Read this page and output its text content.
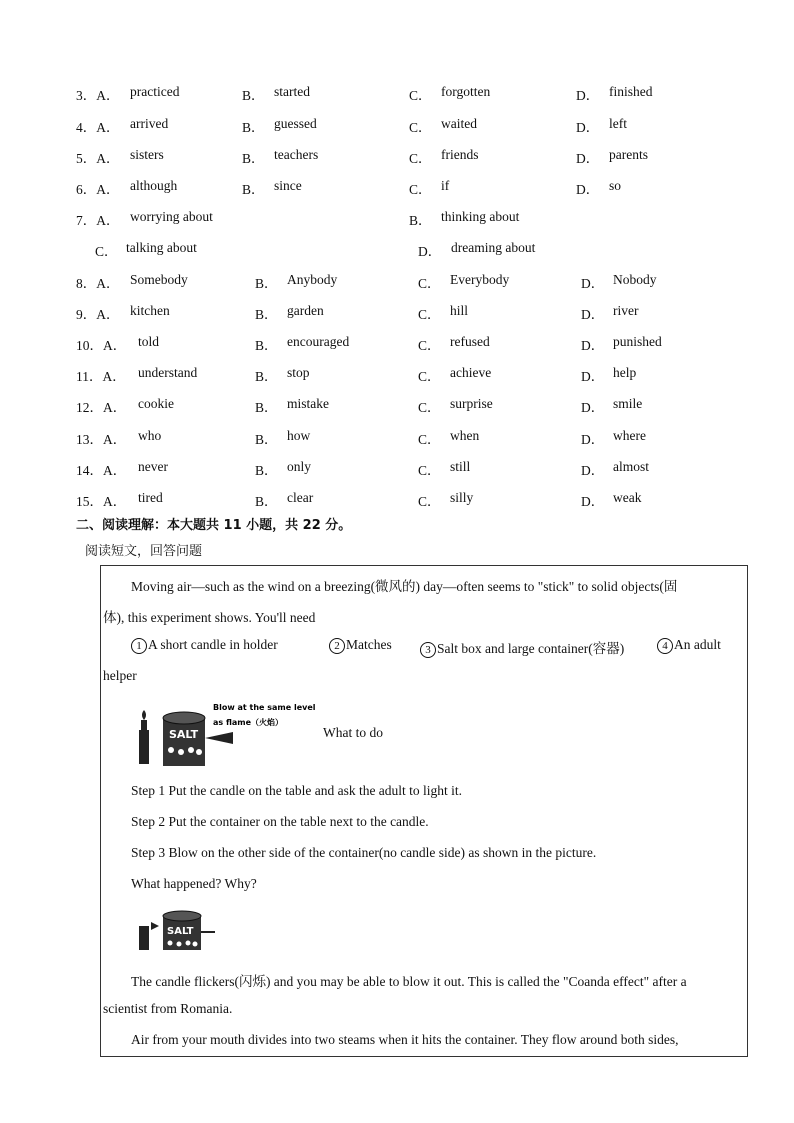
3．A． practiced	B． started	C． forgotten	D． finished
4．A． arrived	B． guessed	C． waited	D． left
5．A． sisters	B． teachers	C． friends	D． parents
6．A． although	B． since	C． if	D． so
7．A． worrying about	B． thinking about
C． talking about	D． dreaming about
8．A． Somebody	B． Anybody	C． Everybody	D． Nobody
9．A． kitchen	B． garden	C． hill	D． river
10．A． told	B． encouraged	C． refused	D． punished
11．A． understand	B． stop	C． achieve	D． help
12．A． cookie	B． mistake	C． surprise	D． smile
13．A． who	B． how	C． when	D． where
14．A． never	B． only	C． still	D． almost
15．A． tired	B． clear	C． silly	D． weak
二、阅读理解：本大题共 11 小题，共 22 分。
阅读短文，回答问题
Moving air—such as the wind on a breezing(微风的) day—often seems to "stick" to solid objects(固
体), this experiment shows. You'll need
1 A short candle in holder	2 Matches	3 Salt box and large container(容器)	4 An adult
helper
SALT
Blow at the same level
as flame（火焰）
What to do
Step 1 Put the candle on the table and ask the adult to light it.
Step 2 Put the container on the table next to the candle.
Step 3 Blow on the other side of the container(no candle side) as shown in the picture.
What happened? Why?
SALT
The candle flickers(闪烁) and you may be able to blow it out. This is called the "Coanda effect" after a
scientist from Romania.
Air from your mouth divides into two steams when it hits the container. They flow around both sides,
